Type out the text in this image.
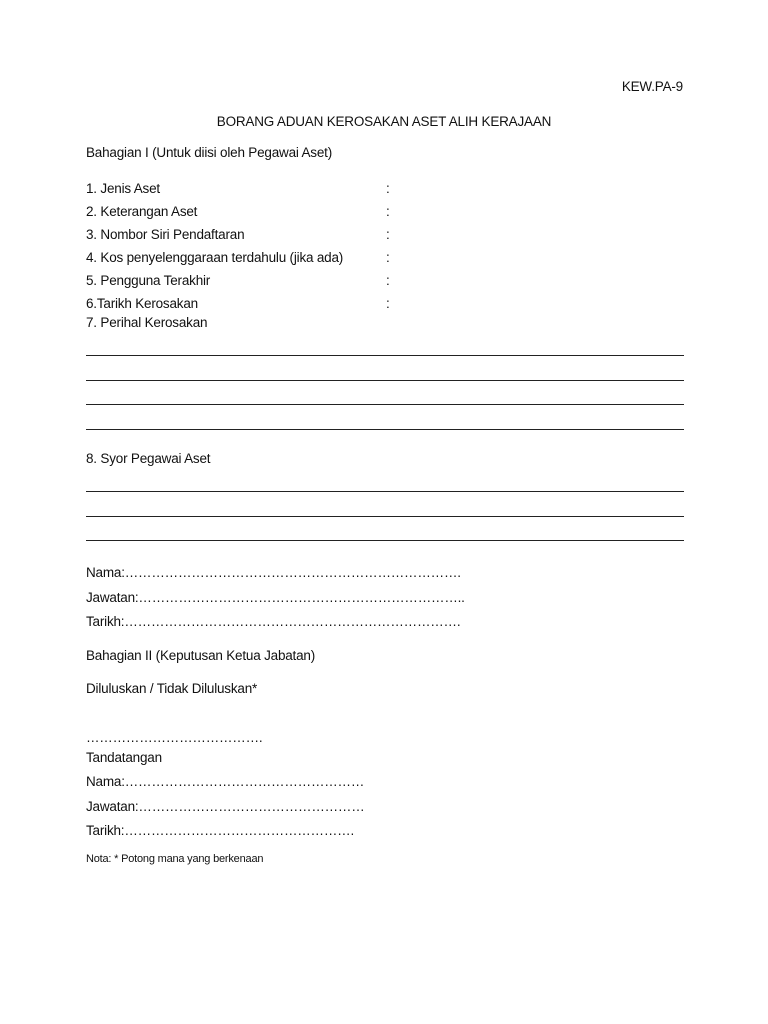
KEW.PA-9
BORANG ADUAN KEROSAKAN ASET ALIH KERAJAAN
Bahagian I (Untuk diisi oleh Pegawai Aset)
1. Jenis Aset	:
2. Keterangan Aset	:
3. Nombor Siri Pendaftaran	:
4. Kos penyelenggaraan terdahulu (jika ada)	:
5. Pengguna Terakhir	:
6.Tarikh Kerosakan	:
7. Perihal Kerosakan
8. Syor Pegawai Aset
Nama:………………………………………………………………….
Jawatan:………………………………………………………………..
Tarikh:………………………………………………………………….
Bahagian II (Keputusan Ketua Jabatan)
Diluluskan / Tidak Diluluskan*
………………………………….
Tandatangan
Nama:………………………………………………
Jawatan:……………………………………………
Tarikh:…………………………………………….
Nota: * Potong mana yang berkenaan
